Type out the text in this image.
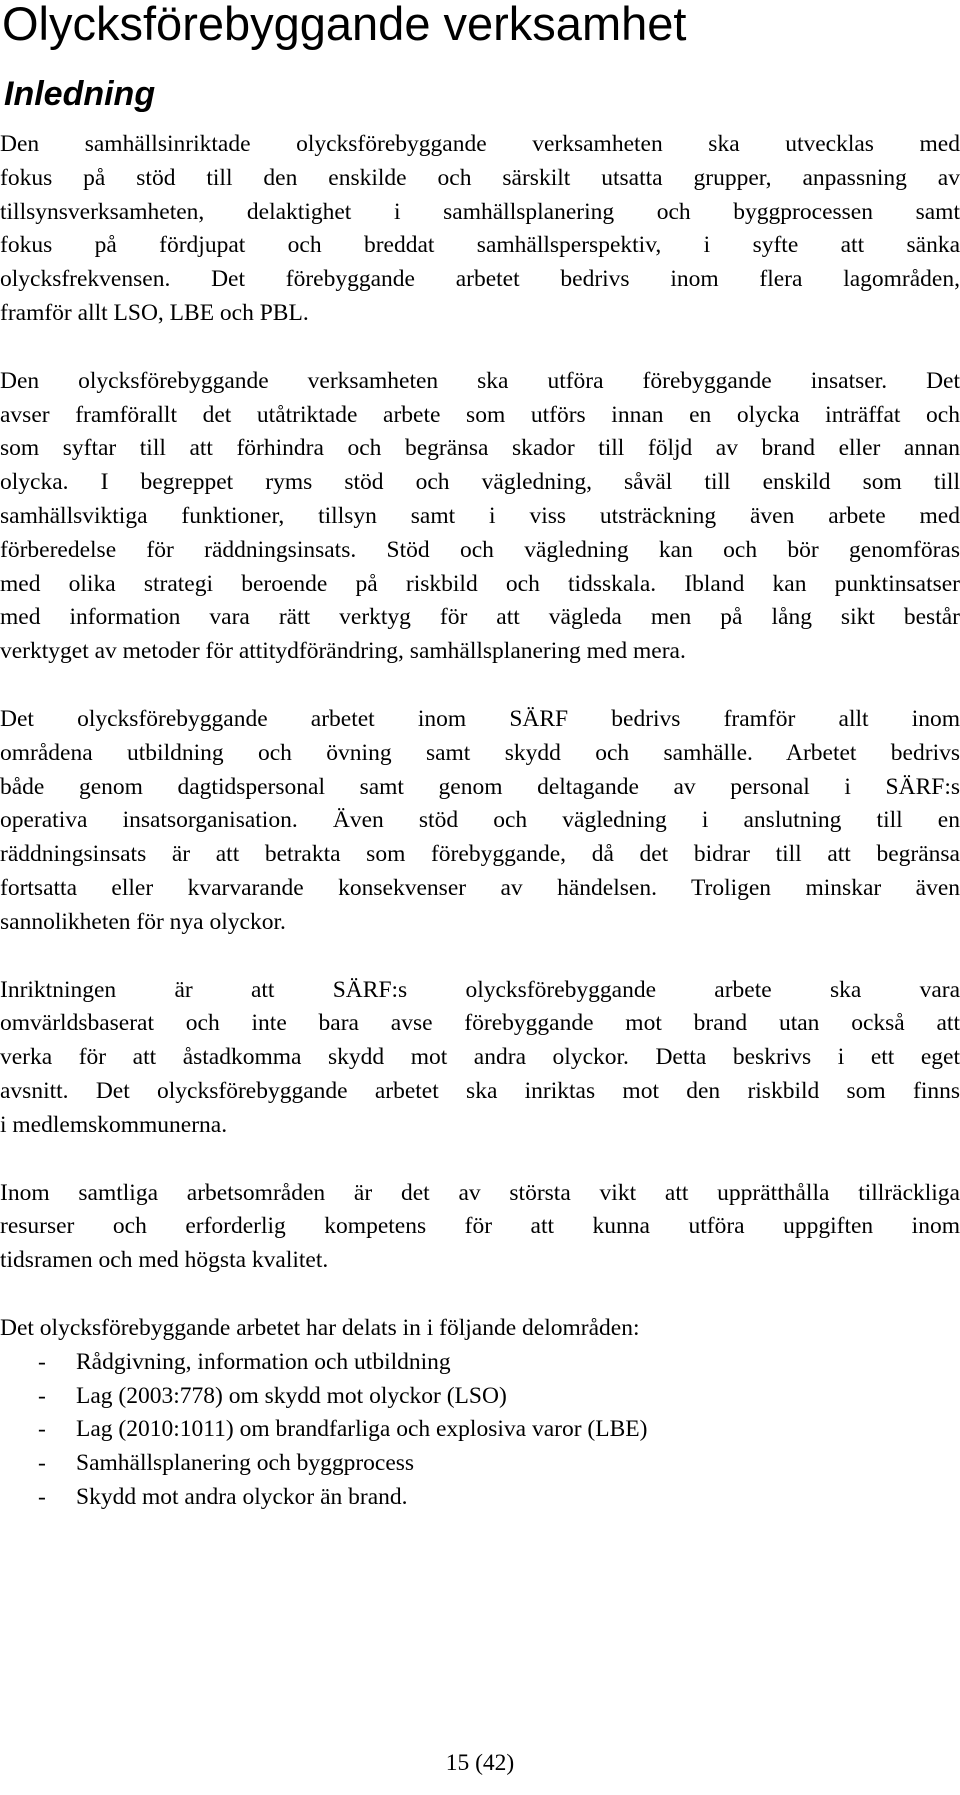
Olycksförebyggande verksamhet
Inledning

Den samhällsinriktade olycksförebyggande verksamheten ska utvecklas med
fokus på stöd till den enskilde och särskilt utsatta grupper, anpassning av
tillsynsverksamheten, delaktighet i samhällsplanering och byggprocessen samt
fokus på fördjupat och breddat samhällsperspektiv, i syfte att sänka
olycksfrekvensen. Det förebyggande arbetet bedrivs inom flera lagområden,
framför allt LSO, LBE och PBL.

Den olycksförebyggande verksamheten ska utföra förebyggande insatser. Det
avser framförallt det utåtriktade arbete som utförs innan en olycka inträffat och
som syftar till att förhindra och begränsa skador till följd av brand eller annan
olycka. I begreppet ryms stöd och vägledning, såväl till enskild som till
samhällsviktiga funktioner, tillsyn samt i viss utsträckning även arbete med
förberedelse för räddningsinsats. Stöd och vägledning kan och bör genomföras
med olika strategi beroende på riskbild och tidsskala. Ibland kan punktinsatser
med information vara rätt verktyg för att vägleda men på lång sikt består
verktyget av metoder för attitydförändring, samhällsplanering med mera.

Det olycksförebyggande arbetet inom SÄRF bedrivs framför allt inom
områdena utbildning och övning samt skydd och samhälle. Arbetet bedrivs
både genom dagtidspersonal samt genom deltagande av personal i SÄRF:s
operativa insatsorganisation. Även stöd och vägledning i anslutning till en
räddningsinsats är att betrakta som förebyggande, då det bidrar till att begränsa
fortsatta eller kvarvarande konsekvenser av händelsen. Troligen minskar även
sannolikheten för nya olyckor.

Inriktningen är att SÄRF:s olycksförebyggande arbete ska vara
omvärldsbaserat och inte bara avse förebyggande mot brand utan också att
verka för att åstadkomma skydd mot andra olyckor. Detta beskrivs i ett eget
avsnitt. Det olycksförebyggande arbetet ska inriktas mot den riskbild som finns
i medlemskommunerna.

Inom samtliga arbetsområden är det av största vikt att upprätthålla tillräckliga
resurser och erforderlig kompetens för att kunna utföra uppgiften inom
tidsramen och med högsta kvalitet.

Det olycksförebyggande arbetet har delats in i följande delområden:

-	Rådgivning, information och utbildning
-	Lag (2003:778) om skydd mot olyckor (LSO)
-	Lag (2010:1011) om brandfarliga och explosiva varor (LBE)
-	Samhällsplanering och byggprocess
-	Skydd mot andra olyckor än brand.
15 (42)
